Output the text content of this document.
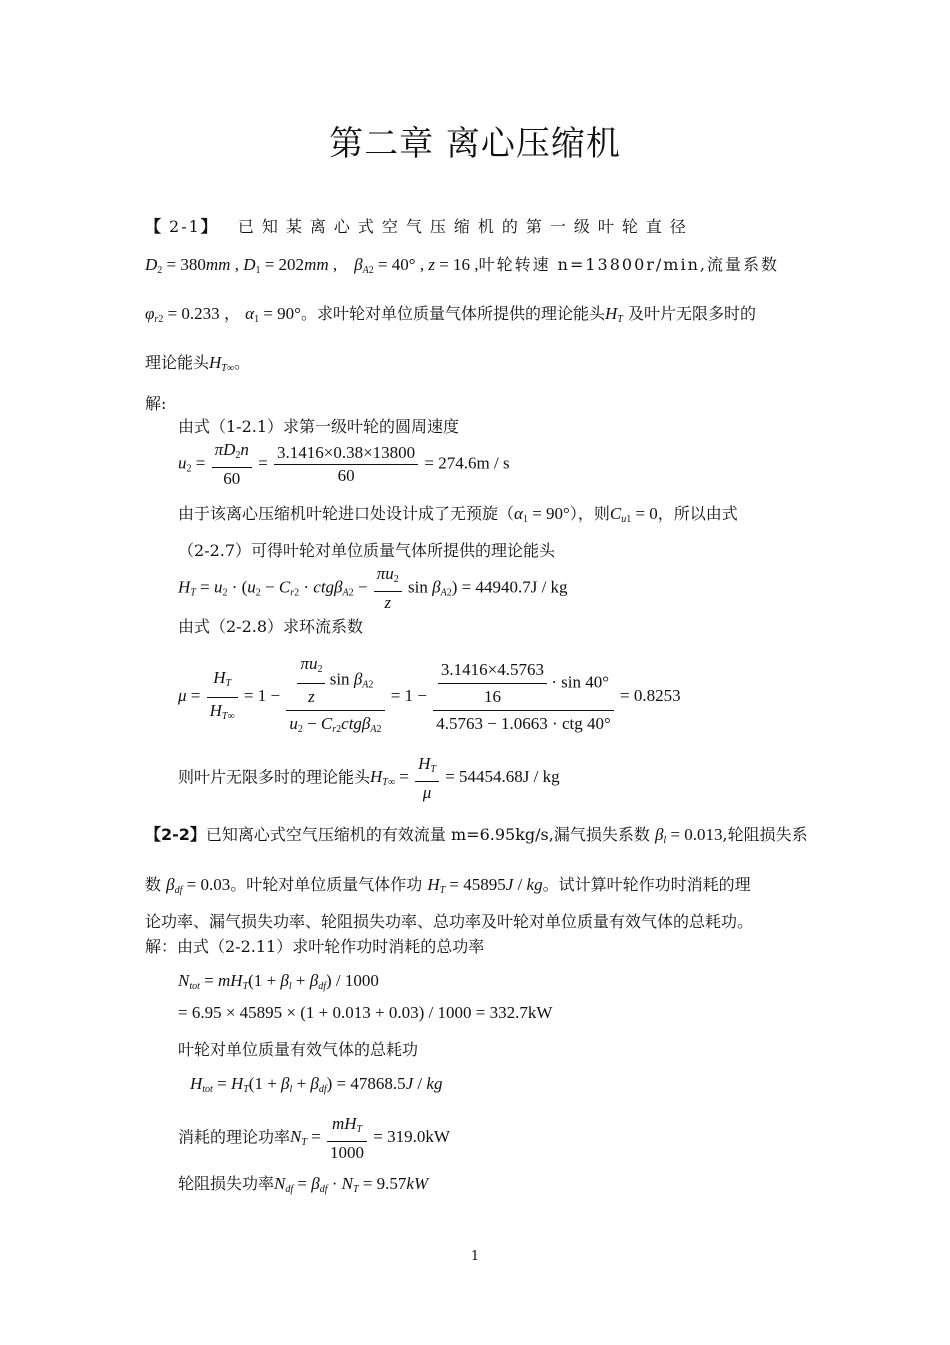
第二章 离心压缩机
【2-1】 已知某离心式空气压缩机的第一级叶轮直径
$D_2 = 380mm$ , $D_1 = 202mm$ ,    $\beta_{A2} = 40^\circ$ , z = 16 ,叶轮转速 n=13800r/min,流量系数
$\varphi_{r2} = 0.233$ ， $\alpha_1 = 90^\circ$。求叶轮对单位质量气体所提供的理论能头$H_T$ 及叶片无限多时的
理论能头$H_{T\infty}$。
解:
由式（1-2.1）求第一级叶轮的圆周速度
$u_2 = \frac{\pi D_2n}{60} = \frac{3.1416\times 0.38\times 13800}{60} = 274.6m / s$
由于该离心压缩机叶轮进口处设计成了无预旋$(\alpha_1 = 90^\circ)$，则$C_{u1} = 0$，所以由式
（2-2.7）可得叶轮对单位质量气体所提供的理论能头
$H_T = u_2 \cdot (u_2 - C_{r2} \cdot ctg\beta_{A2} - \frac{\pi u_2}{z}$ $\sin \beta_{A2}) = 44940.7J$ / kg
由式（2-2.8）求环流系数
$\mu = \frac{H_T}{H_{T\infty}} = 1 - \frac{\frac{\pi u_2}{z} \sin \beta_{A2}}{u_2 - C_{r2}ctg\beta_{A2}} = 1 - \frac{\frac{3.1416\times 4.5763}{16} \cdot \sin 40^\circ}{\text{4.5763 − 1.0663 · ctg 40°}} = 0.8253$
则叶片无限多时的理论能头$H_{T\infty} = \frac{H_T}{\mu} = 54454.68J$ / kg
【2-2】已知离心式空气压缩机的有效流量 m=6.95kg/s,漏气损失系数 $\beta_l = 0.013$,轮阻损失系
数 $\beta_{df} = 0.03$。叶轮对单位质量气体作功 $H_T = 45895J$ / kg。试计算叶轮作功时消耗的理
论功率、漏气损失功率、轮阻损失功率、总功率及叶轮对单位质量有效气体的总耗功。
解：由式（2-2.11）求叶轮作功时消耗的总功率
$N_{tot} = mH_T(1 + \beta_l + \beta_{df}) / 1000$
= 6.95 × 45895 × (1 + 0.013 + 0.03) / 1000 = 332.7kW
叶轮对单位质量有效气体的总耗功
$H_{tot} = H_T(1 + \beta_l + \beta_{df}) = 47868.5J$ / kg
消耗的理论功率$N_T = \frac{mH_T}{1000} = 319.0kW$
轮阻损失功率$N_{df} = \beta_{df} \cdot N_T = 9.57kW$
1
